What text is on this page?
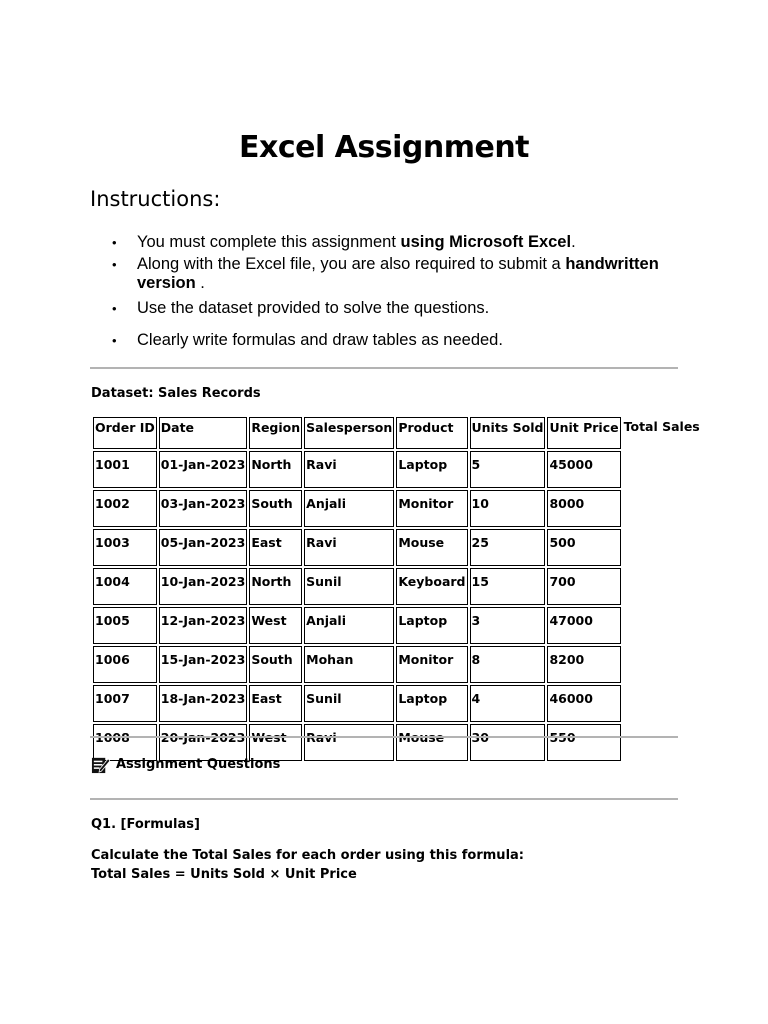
Excel Assignment
Instructions:
• You must complete this assignment using Microsoft Excel.
• Along with the Excel file, you are also required to submit a handwritten version .
• Use the dataset provided to solve the questions.
• Clearly write formulas and draw tables as needed.
Dataset: Sales Records
Order ID	Date	Region	Salesperson	Product	Units Sold	Unit Price	Total Sales
1001	01-Jan-2023	North	Ravi	Laptop	5	45000	
1002	03-Jan-2023	South	Anjali	Monitor	10	8000	
1003	05-Jan-2023	East	Ravi	Mouse	25	500	
1004	10-Jan-2023	North	Sunil	Keyboard	15	700	
1005	12-Jan-2023	West	Anjali	Laptop	3	47000	
1006	15-Jan-2023	South	Mohan	Monitor	8	8200	
1007	18-Jan-2023	East	Sunil	Laptop	4	46000	
1008	20-Jan-2023	West	Ravi	Mouse	30	550	
Assignment Questions
Q1. [Formulas]
Calculate the Total Sales for each order using this formula:
Total Sales = Units Sold × Unit Price
